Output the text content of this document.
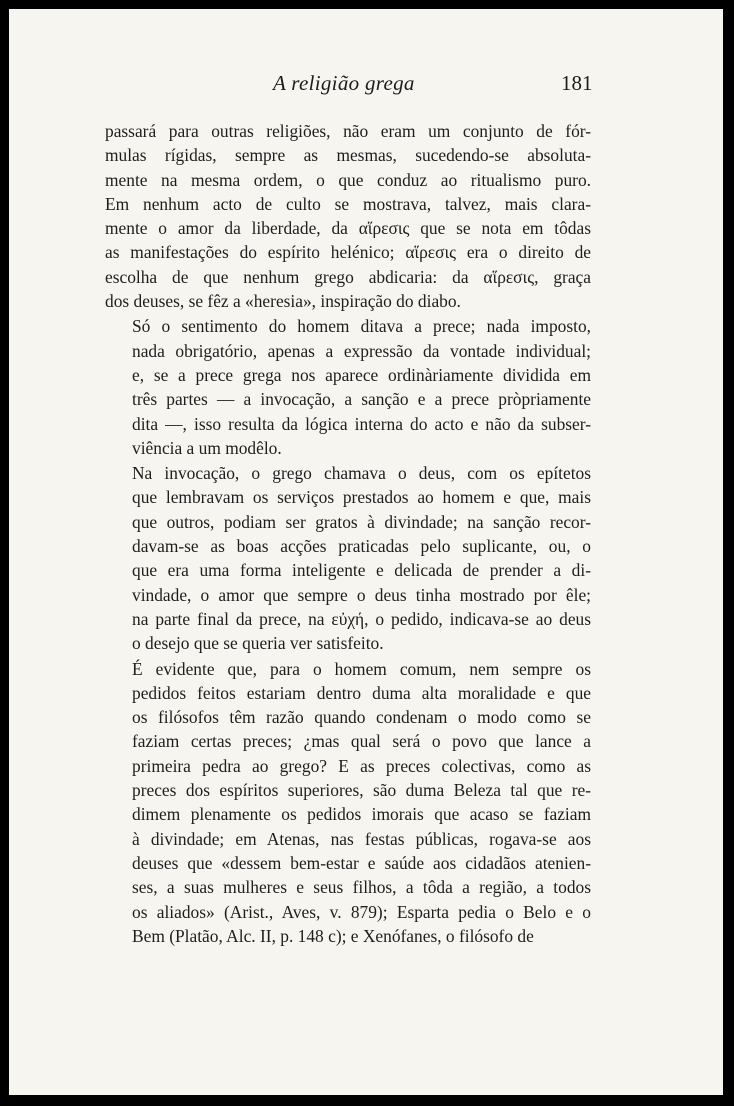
A religião grega	181

passará para outras religiões, não eram um conjunto de fór-
mulas rígidas, sempre as mesmas, sucedendo-se absoluta-
mente na mesma ordem, o que conduz ao ritualismo puro.
Em nenhum acto de culto se mostrava, talvez, mais clara-
mente o amor da liberdade, da αἵρεσις que se nota em tôdas
as manifestações do espírito helénico; αἵρεσις era o direito de
escolha de que nenhum grego abdicaria: da αἵρεσις, graça
dos deuses, se fêz a «heresia», inspiração do diabo.

Só o sentimento do homem ditava a prece; nada imposto,
nada obrigatório, apenas a expressão da vontade individual;
e, se a prece grega nos aparece ordinàriamente dividida em
três partes — a invocação, a sanção e a prece pròpriamente
dita —, isso resulta da lógica interna do acto e não da subser-
viência a um modêlo.

Na invocação, o grego chamava o deus, com os epítetos
que lembravam os serviços prestados ao homem e que, mais
que outros, podiam ser gratos à divindade; na sanção recor-
davam-se as boas acções praticadas pelo suplicante, ou, o
que era uma forma inteligente e delicada de prender a di-
vindade, o amor que sempre o deus tinha mostrado por êle;
na parte final da prece, na εὐχή, o pedido, indicava-se ao deus
o desejo que se queria ver satisfeito.

É evidente que, para o homem comum, nem sempre os
pedidos feitos estariam dentro duma alta moralidade e que
os filósofos têm razão quando condenam o modo como se
faziam certas preces; ¿mas qual será o povo que lance a
primeira pedra ao grego? E as preces colectivas, como as
preces dos espíritos superiores, são duma Beleza tal que re-
dimem plenamente os pedidos imorais que acaso se faziam
à divindade; em Atenas, nas festas públicas, rogava-se aos
deuses que «dessem bem-estar e saúde aos cidadãos atenien-
ses, a suas mulheres e seus filhos, a tôda a região, a todos
os aliados» (Arist., Aves, v. 879); Esparta pedia o Belo e o
Bem (Platão, Alc. II, p. 148 c); e Xenófanes, o filósofo de
